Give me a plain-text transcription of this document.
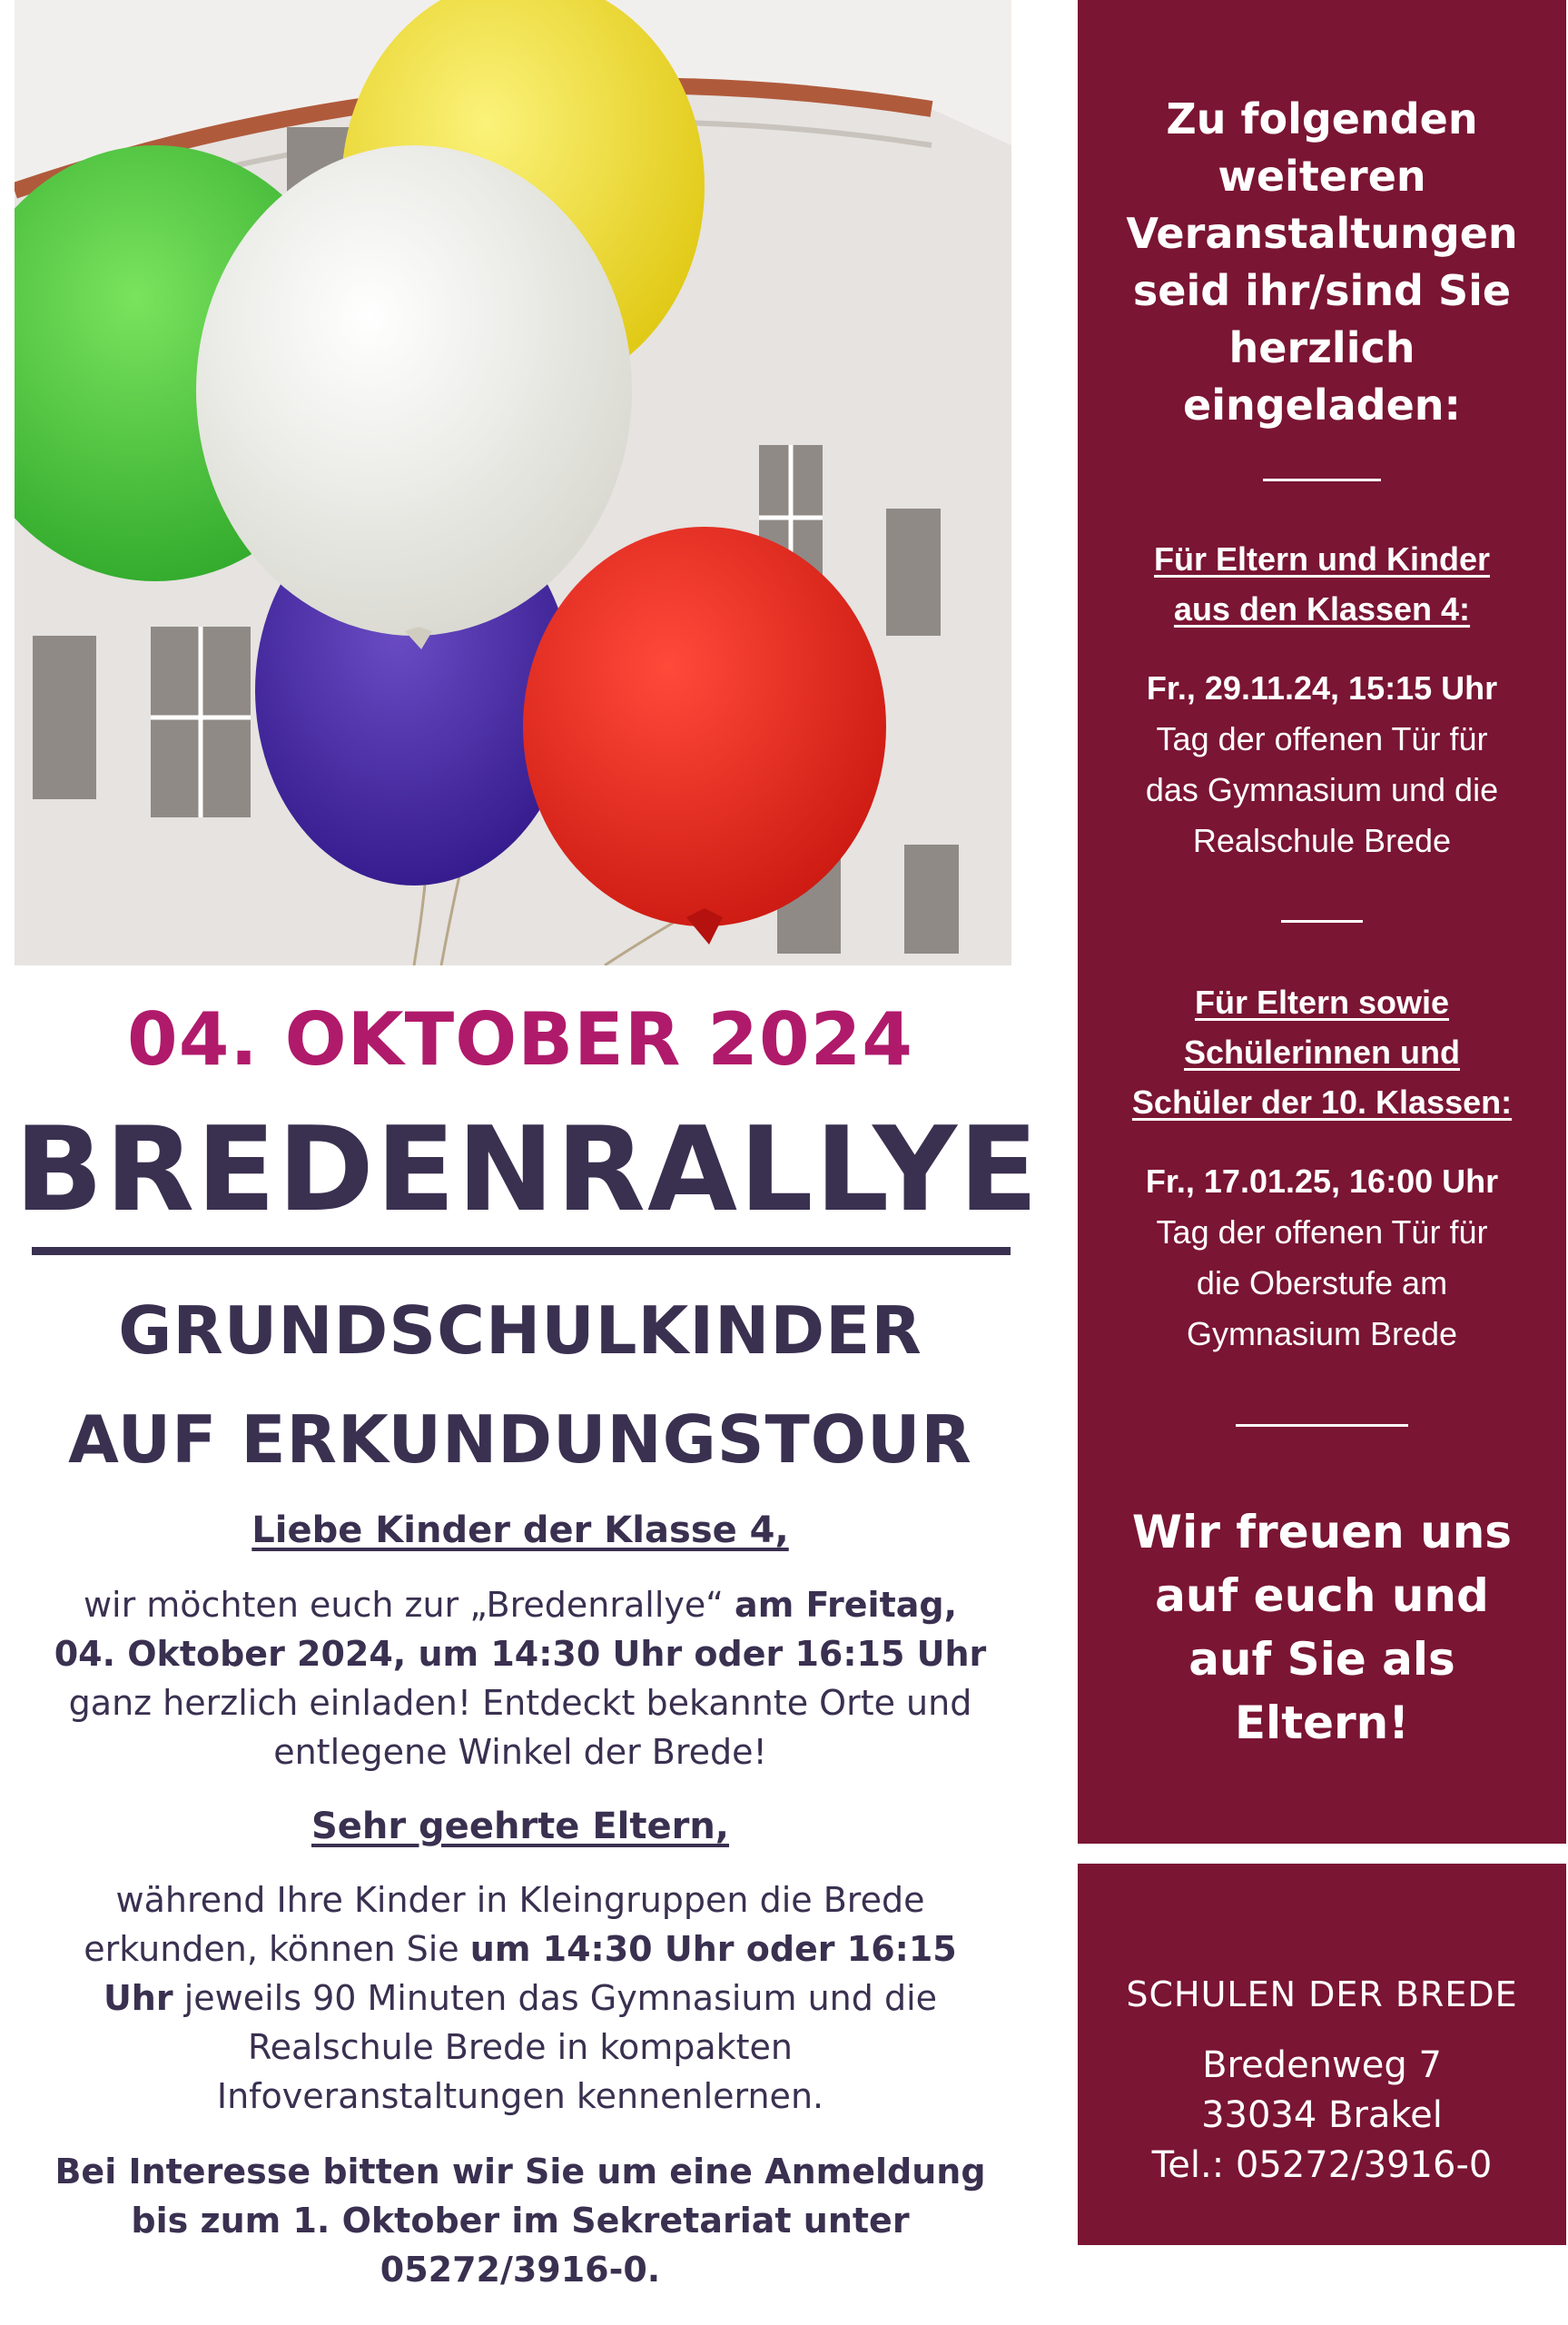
04. OKTOBER 2024
BREDENRALLYE
GRUNDSCHULKINDER
AUF ERKUNDUNGSTOUR
Liebe Kinder der Klasse 4,
wir möchten euch zur „Bredenrallye“ am Freitag, 04. Oktober 2024, um 14:30 Uhr oder 16:15 Uhr ganz herzlich einladen! Entdeckt bekannte Orte und entlegene Winkel der Brede!
Sehr geehrte Eltern,
während Ihre Kinder in Kleingruppen die Brede erkunden, können Sie um 14:30 Uhr oder 16:15 Uhr jeweils 90 Minuten das Gymnasium und die Realschule Brede in kompakten Infoveranstaltungen kennenlernen.
Bei Interesse bitten wir Sie um eine Anmeldung bis zum 1. Oktober im Sekretariat unter 05272/3916-0.
Zu folgenden
weiteren
Veranstaltungen
seid ihr/sind Sie
herzlich
eingeladen:
Für Eltern und Kinder
aus den Klassen 4:
Fr., 29.11.24, 15:15 Uhr
Tag der offenen Tür für
das Gymnasium und die
Realschule Brede
Für Eltern sowie
Schülerinnen und
Schüler der 10. Klassen:
Fr., 17.01.25, 16:00 Uhr
Tag der offenen Tür für
die Oberstufe am
Gymnasium Brede
Wir freuen uns
auf euch und
auf Sie als
Eltern!
SCHULEN DER BREDE
Bredenweg 7
33034 Brakel
Tel.: 05272/3916-0
